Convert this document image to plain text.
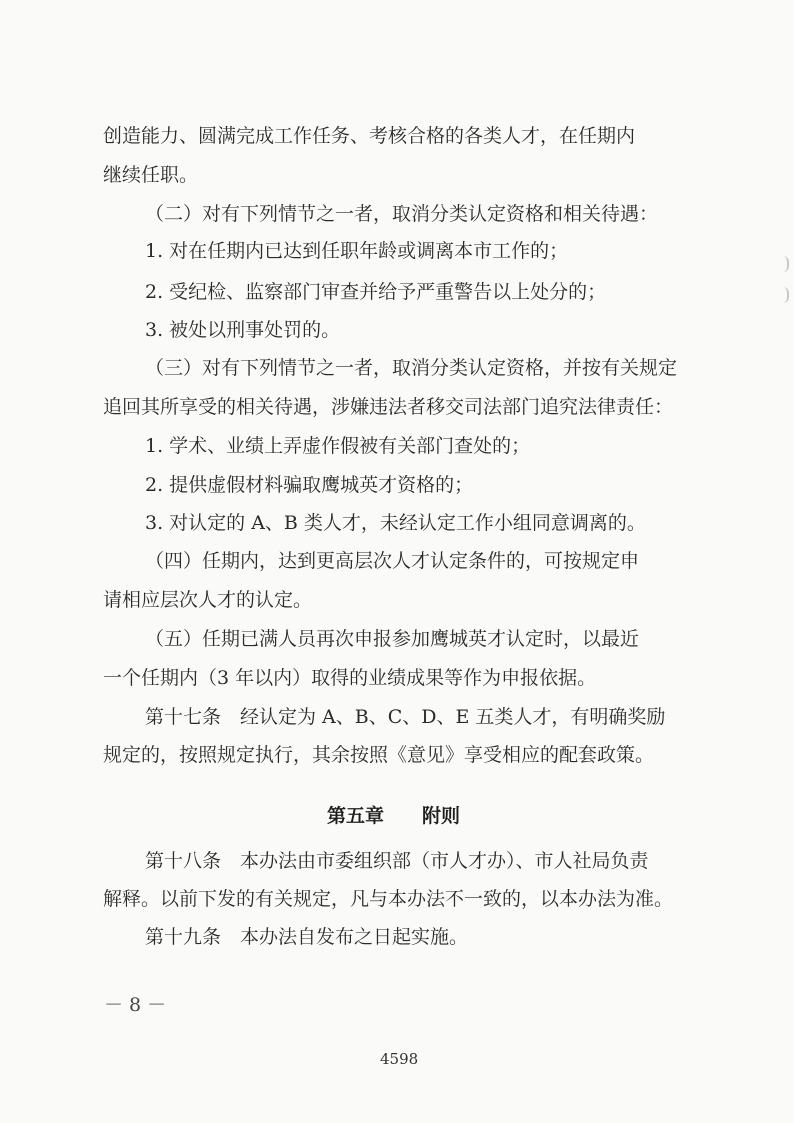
创造能力、圆满完成工作任务、考核合格的各类人才，在任期内
继续任职。
（二）对有下列情节之一者，取消分类认定资格和相关待遇：
1. 对在任期内已达到任职年龄或调离本市工作的；
2. 受纪检、监察部门审查并给予严重警告以上处分的；
3. 被处以刑事处罚的。
（三）对有下列情节之一者，取消分类认定资格，并按有关规定
追回其所享受的相关待遇，涉嫌违法者移交司法部门追究法律责任：
1. 学术、业绩上弄虚作假被有关部门查处的；
2. 提供虚假材料骗取鹰城英才资格的；
3. 对认定的 A、B 类人才，未经认定工作小组同意调离的。
（四）任期内，达到更高层次人才认定条件的，可按规定申
请相应层次人才的认定。
（五）任期已满人员再次申报参加鹰城英才认定时，以最近
一个任期内（3 年以内）取得的业绩成果等作为申报依据。
第十七条　经认定为 A、B、C、D、E 五类人才，有明确奖励
规定的，按照规定执行，其余按照《意见》享受相应的配套政策。
第五章　　附则
第十八条　本办法由市委组织部（市人才办）、市人社局负责
解释。以前下发的有关规定，凡与本办法不一致的，以本办法为准。
第十九条　本办法自发布之日起实施。
－ 8 －
4598
